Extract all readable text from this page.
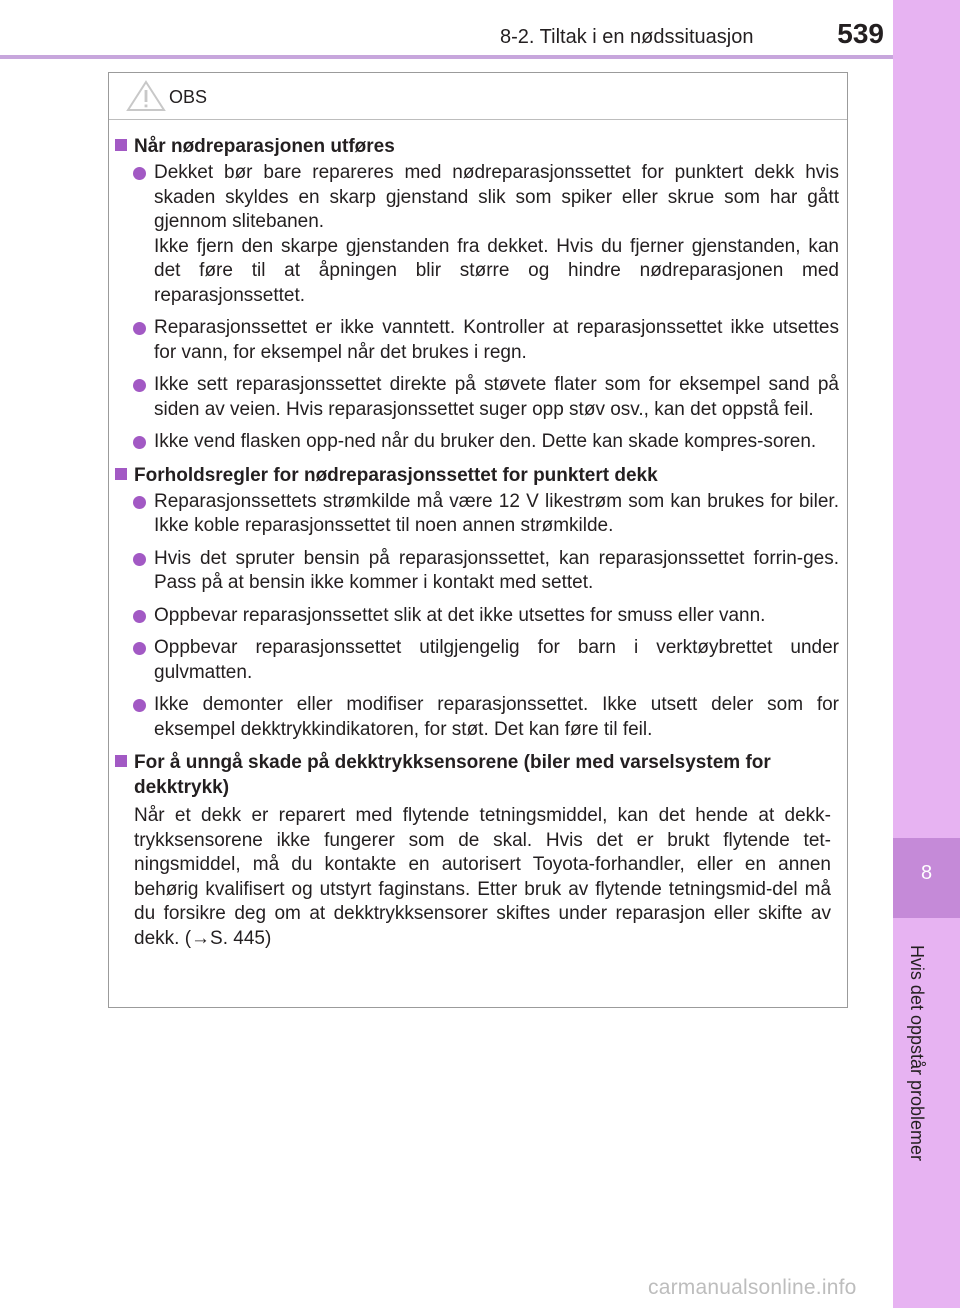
8-2. Tiltak i en nødssituasjon	539
8
Hvis det oppstår problemer
OBS
Når nødreparasjonen utføres
Dekket bør bare repareres med nødreparasjonssettet for punktert dekk hvis skaden skyldes en skarp gjenstand slik som spiker eller skrue som har gått gjennom slitebanen.
Ikke fjern den skarpe gjenstanden fra dekket. Hvis du fjerner gjenstanden, kan det føre til at åpningen blir større og hindre nødreparasjonen med reparasjonssettet.
Reparasjonssettet er ikke vanntett. Kontroller at reparasjonssettet ikke utsettes for vann, for eksempel når det brukes i regn.
Ikke sett reparasjonssettet direkte på støvete flater som for eksempel sand på siden av veien. Hvis reparasjonssettet suger opp støv osv., kan det oppstå feil.
Ikke vend flasken opp-ned når du bruker den. Dette kan skade kompres-soren.
Forholdsregler for nødreparasjonssettet for punktert dekk
Reparasjonssettets strømkilde må være 12 V likestrøm som kan brukes for biler. Ikke koble reparasjonssettet til noen annen strømkilde.
Hvis det spruter bensin på reparasjonssettet, kan reparasjonssettet forrin-ges. Pass på at bensin ikke kommer i kontakt med settet.
Oppbevar reparasjonssettet slik at det ikke utsettes for smuss eller vann.
Oppbevar reparasjonssettet utilgjengelig for barn i verktøybrettet under gulvmatten.
Ikke demonter eller modifiser reparasjonssettet. Ikke utsett deler som for eksempel dekktrykkindikatoren, for støt. Det kan føre til feil.
For å unngå skade på dekktrykksensorene (biler med varselsystem for dekktrykk)
Når et dekk er reparert med flytende tetningsmiddel, kan det hende at dekk-trykksensorene ikke fungerer som de skal. Hvis det er brukt flytende tet-ningsmiddel, må du kontakte en autorisert Toyota-forhandler, eller en annen behørig kvalifisert og utstyrt faginstans. Etter bruk av flytende tetningsmid-del må du forsikre deg om at dekktrykksensorer skiftes under reparasjon eller skifte av dekk. (→S. 445)
carmanualsonline.info
